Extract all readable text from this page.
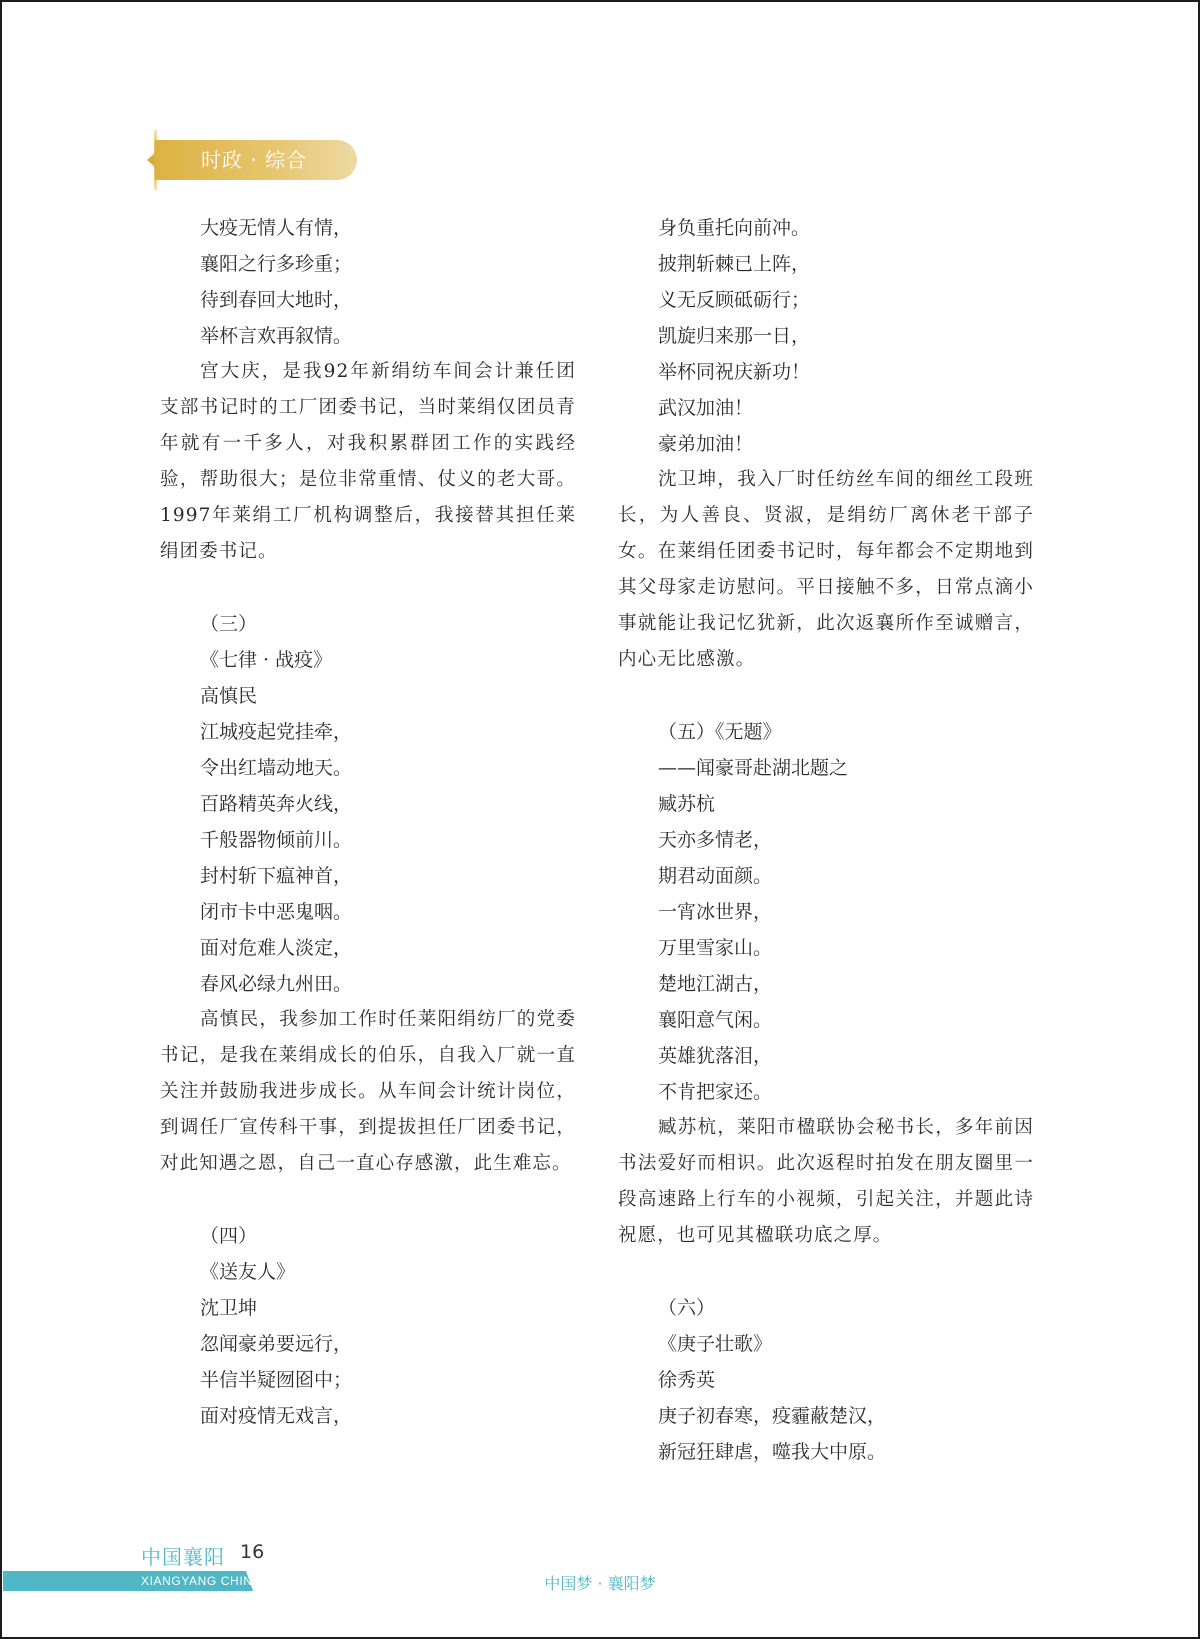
时政 · 综合
大疫无情人有情，
襄阳之行多珍重；
待到春回大地时，
举杯言欢再叙情。
宫大庆，是我92年新绢纺车间会计兼任团支部书记时的工厂团委书记，当时莱绢仅团员青年就有一千多人，对我积累群团工作的实践经验，帮助很大；是位非常重情、仗义的老大哥。1997年莱绢工厂机构调整后，我接替其担任莱绢团委书记。
（三）
《七律 · 战疫》
高慎民
江城疫起党挂牵，
令出红墙动地天。
百路精英奔火线，
千般器物倾前川。
封村斩下瘟神首，
闭市卡中恶鬼咽。
面对危难人淡定，
春风必绿九州田。
高慎民，我参加工作时任莱阳绢纺厂的党委书记，是我在莱绢成长的伯乐，自我入厂就一直关注并鼓励我进步成长。从车间会计统计岗位，到调任厂宣传科干事，到提拔担任厂团委书记，对此知遇之恩，自己一直心存感激，此生难忘。
（四）
《送友人》
沈卫坤
忽闻豪弟要远行，
半信半疑囫囵中；
面对疫情无戏言，
身负重托向前冲。
披荆斩棘已上阵，
义无反顾砥砺行；
凯旋归来那一日，
举杯同祝庆新功！
武汉加油！
豪弟加油！
沈卫坤，我入厂时任纺丝车间的细丝工段班长，为人善良、贤淑，是绢纺厂离休老干部子女。在莱绢任团委书记时，每年都会不定期地到其父母家走访慰问。平日接触不多，日常点滴小事就能让我记忆犹新，此次返襄所作至诚赠言，内心无比感激。
（五）《无题》
——闻豪哥赴湖北题之
臧苏杭
天亦多情老，
期君动面颜。
一宵冰世界，
万里雪家山。
楚地江湖古，
襄阳意气闲。
英雄犹落泪，
不肯把家还。
臧苏杭，莱阳市楹联协会秘书长，多年前因书法爱好而相识。此次返程时拍发在朋友圈里一段高速路上行车的小视频，引起关注，并题此诗祝愿，也可见其楹联功底之厚。
（六）
《庚子壮歌》
徐秀英
庚子初春寒，疫霾蔽楚汉，
新冠狂肆虐，噬我大中原。
中国襄阳 16
XIANGYANG CHINA	中国梦 · 襄阳梦
